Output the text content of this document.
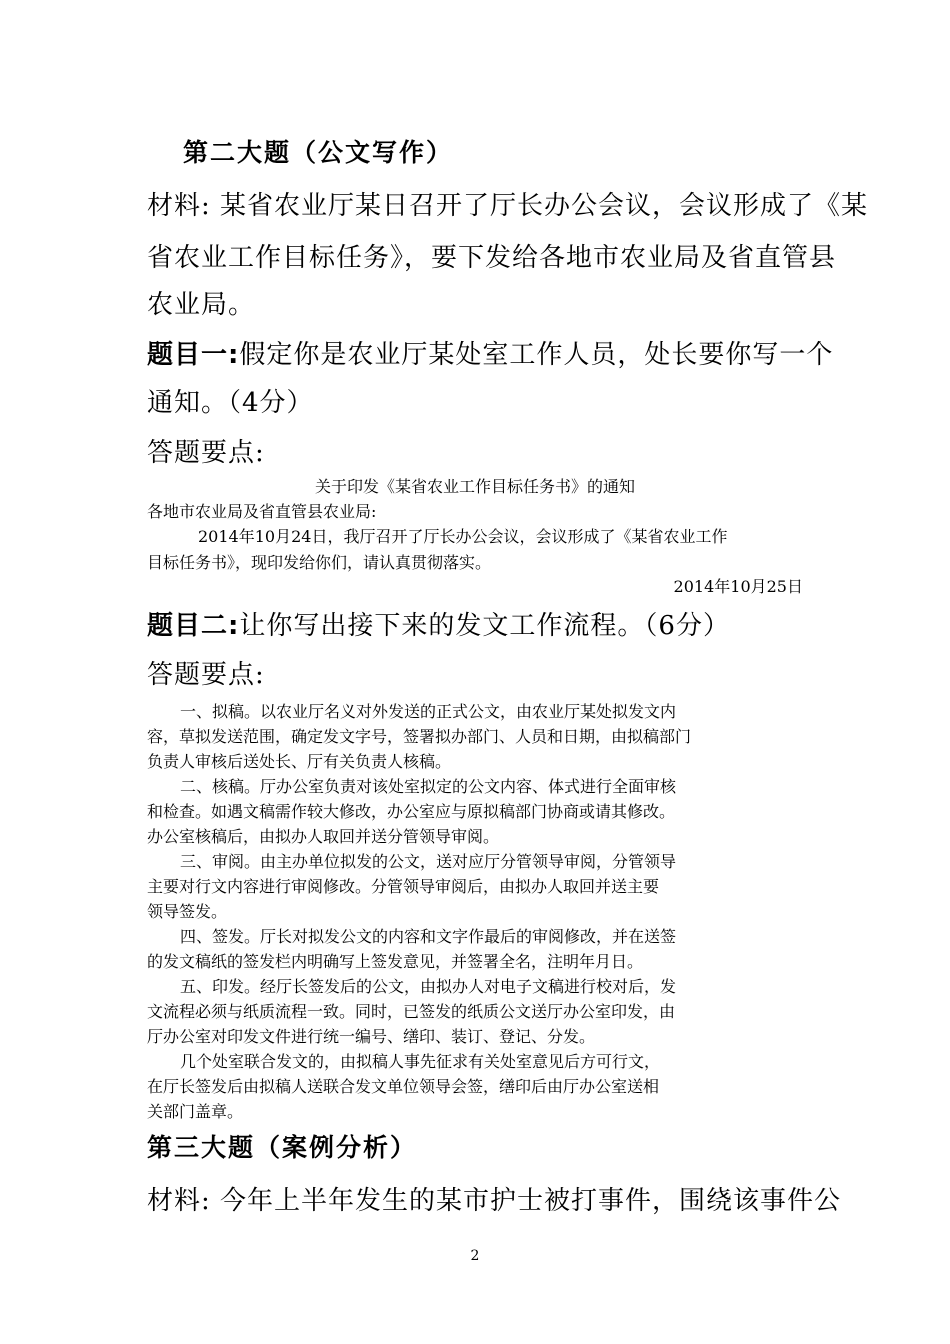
第二大题（公文写作）
材料: 某省农业厅某日召开了厅长办公会议，会议形成了《某
省农业工作目标任务》，要下发给各地市农业局及省直管县
农业局。
题目一:假定你是农业厅某处室工作人员，处长要你写一个
通知。（4分）
答题要点:
关于印发《某省农业工作目标任务书》的通知
各地市农业局及省直管县农业局:
2014年10月24日，我厅召开了厅长办公会议，会议形成了《某省农业工作
目标任务书》，现印发给你们，请认真贯彻落实。
2014年10月25日
题目二:让你写出接下来的发文工作流程。（6分）
答题要点:
一、拟稿。以农业厅名义对外发送的正式公文，由农业厅某处拟发文内
容，草拟发送范围，确定发文字号，签署拟办部门、人员和日期，由拟稿部门
负责人审核后送处长、厅有关负责人核稿。
二、核稿。厅办公室负责对该处室拟定的公文内容、体式进行全面审核
和检查。如遇文稿需作较大修改，办公室应与原拟稿部门协商或请其修改。
办公室核稿后，由拟办人取回并送分管领导审阅。
三、审阅。由主办单位拟发的公文，送对应厅分管领导审阅，分管领导
主要对行文内容进行审阅修改。分管领导审阅后，由拟办人取回并送主要
领导签发。
四、签发。厅长对拟发公文的内容和文字作最后的审阅修改，并在送签
的发文稿纸的签发栏内明确写上签发意见，并签署全名，注明年月日。
五、印发。经厅长签发后的公文，由拟办人对电子文稿进行校对后，发
文流程必须与纸质流程一致。同时，已签发的纸质公文送厅办公室印发，由
厅办公室对印发文件进行统一编号、缮印、装订、登记、分发。
几个处室联合发文的，由拟稿人事先征求有关处室意见后方可行文，
在厅长签发后由拟稿人送联合发文单位领导会签，缮印后由厅办公室送相
关部门盖章。
第三大题（案例分析）
材料: 今年上半年发生的某市护士被打事件，围绕该事件公
2
